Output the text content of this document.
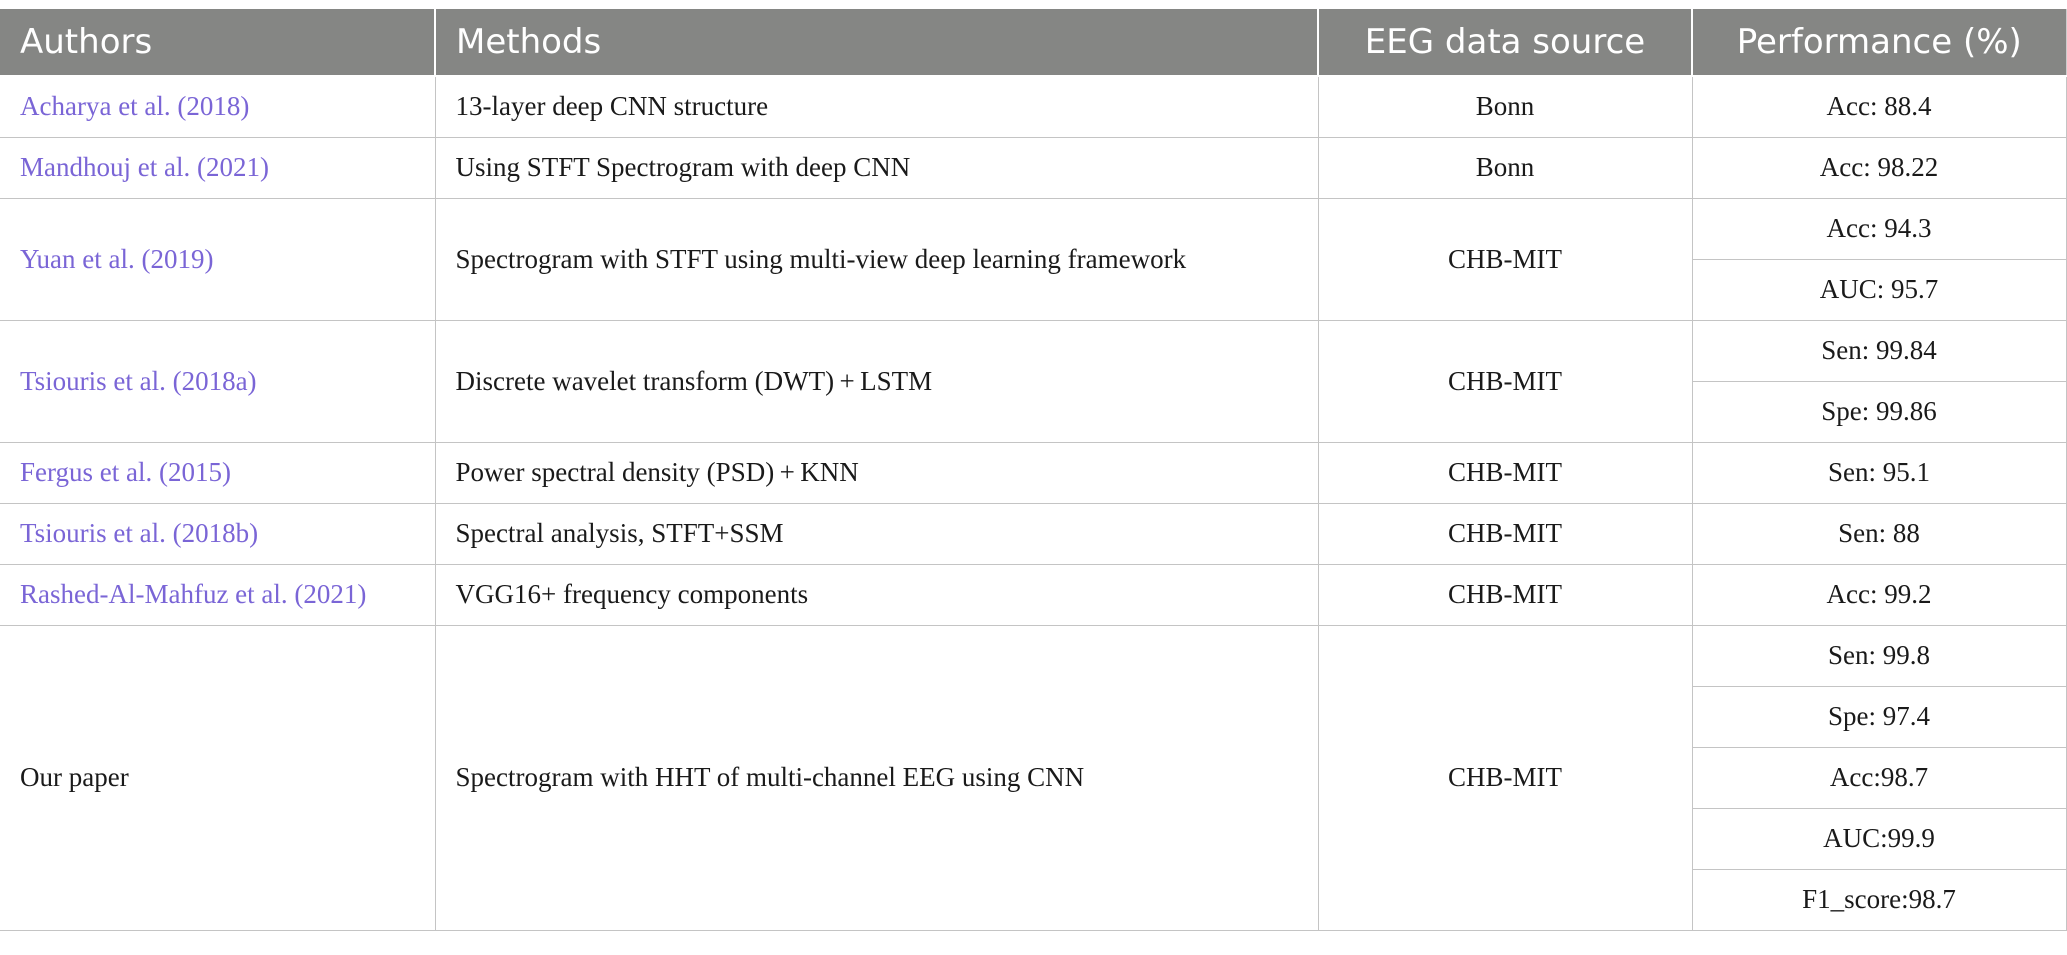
Authors	Methods	EEG data source	Performance (%)
Acharya et al. (2018)	13-layer deep CNN structure	Bonn	Acc: 88.4
Mandhouj et al. (2021)	Using STFT Spectrogram with deep CNN	Bonn	Acc: 98.22
Yuan et al. (2019)	Spectrogram with STFT using multi-view deep learning framework	CHB-MIT	Acc: 94.3
			AUC: 95.7
Tsiouris et al. (2018a)	Discrete wavelet transform (DWT) + LSTM	CHB-MIT	Sen: 99.84
			Spe: 99.86
Fergus et al. (2015)	Power spectral density (PSD) + KNN	CHB-MIT	Sen: 95.1
Tsiouris et al. (2018b)	Spectral analysis, STFT+SSM	CHB-MIT	Sen: 88
Rashed-Al-Mahfuz et al. (2021)	VGG16+ frequency components	CHB-MIT	Acc: 99.2
Our paper	Spectrogram with HHT of multi-channel EEG using CNN	CHB-MIT	Sen: 99.8
			Spe: 97.4
			Acc:98.7
			AUC:99.9
			F1_score:98.7
